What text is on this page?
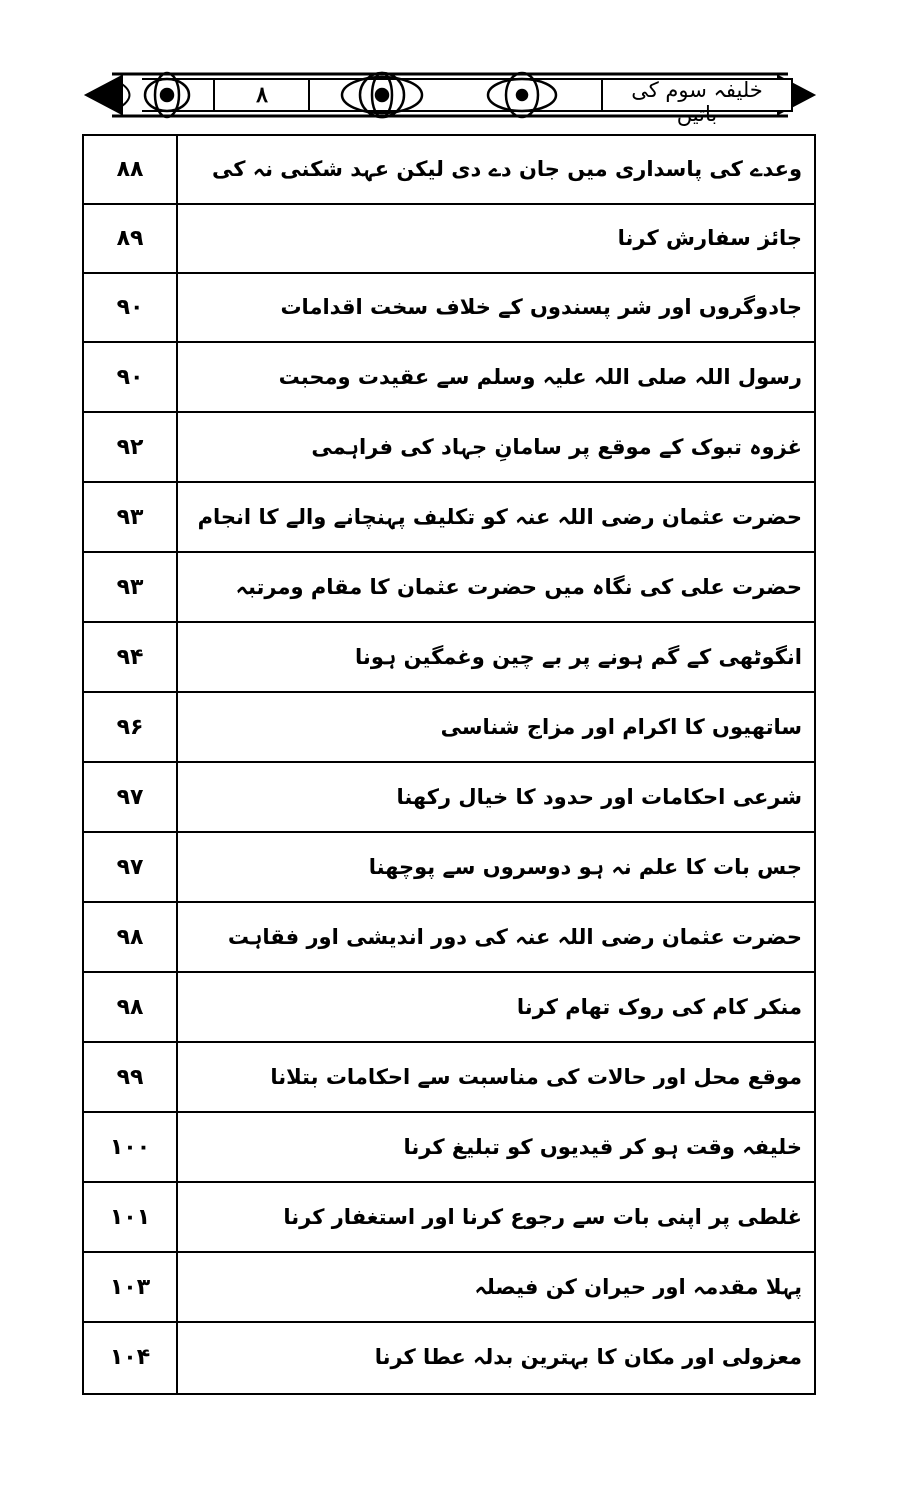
۸	خلیفہ سوم کی باتیں
۸۸	وعدے کی پاسداری میں جان دے دی لیکن عہد شکنی نہ کی
۸۹	جائز سفارش کرنا
۹۰	جادوگروں اور شر پسندوں کے خلاف سخت اقدامات
۹۰	رسول اللہ صلی اللہ علیہ وسلم سے عقیدت ومحبت
۹۲	غزوہ تبوک کے موقع پر سامانِ جہاد کی فراہمی
۹۳	حضرت عثمان رضی اللہ عنہ کو تکلیف پہنچانے والے کا انجام
۹۳	حضرت علی کی نگاہ میں حضرت عثمان کا مقام ومرتبہ
۹۴	انگوٹھی کے گم ہونے پر بے چین وغمگین ہونا
۹۶	ساتھیوں کا اکرام اور مزاج شناسی
۹۷	شرعی احکامات اور حدود کا خیال رکھنا
۹۷	جس بات کا علم نہ ہو دوسروں سے پوچھنا
۹۸	حضرت عثمان رضی اللہ عنہ کی دور اندیشی اور فقاہت
۹۸	منکر کام کی روک تھام کرنا
۹۹	موقع محل اور حالات کی مناسبت سے احکامات بتلانا
۱۰۰	خلیفہ وقت ہو کر قیدیوں کو تبلیغ کرنا
۱۰۱	غلطی پر اپنی بات سے رجوع کرنا اور استغفار کرنا
۱۰۳	پہلا مقدمہ اور حیران کن فیصلہ
۱۰۴	معزولی اور مکان کا بہترین بدلہ عطا کرنا
